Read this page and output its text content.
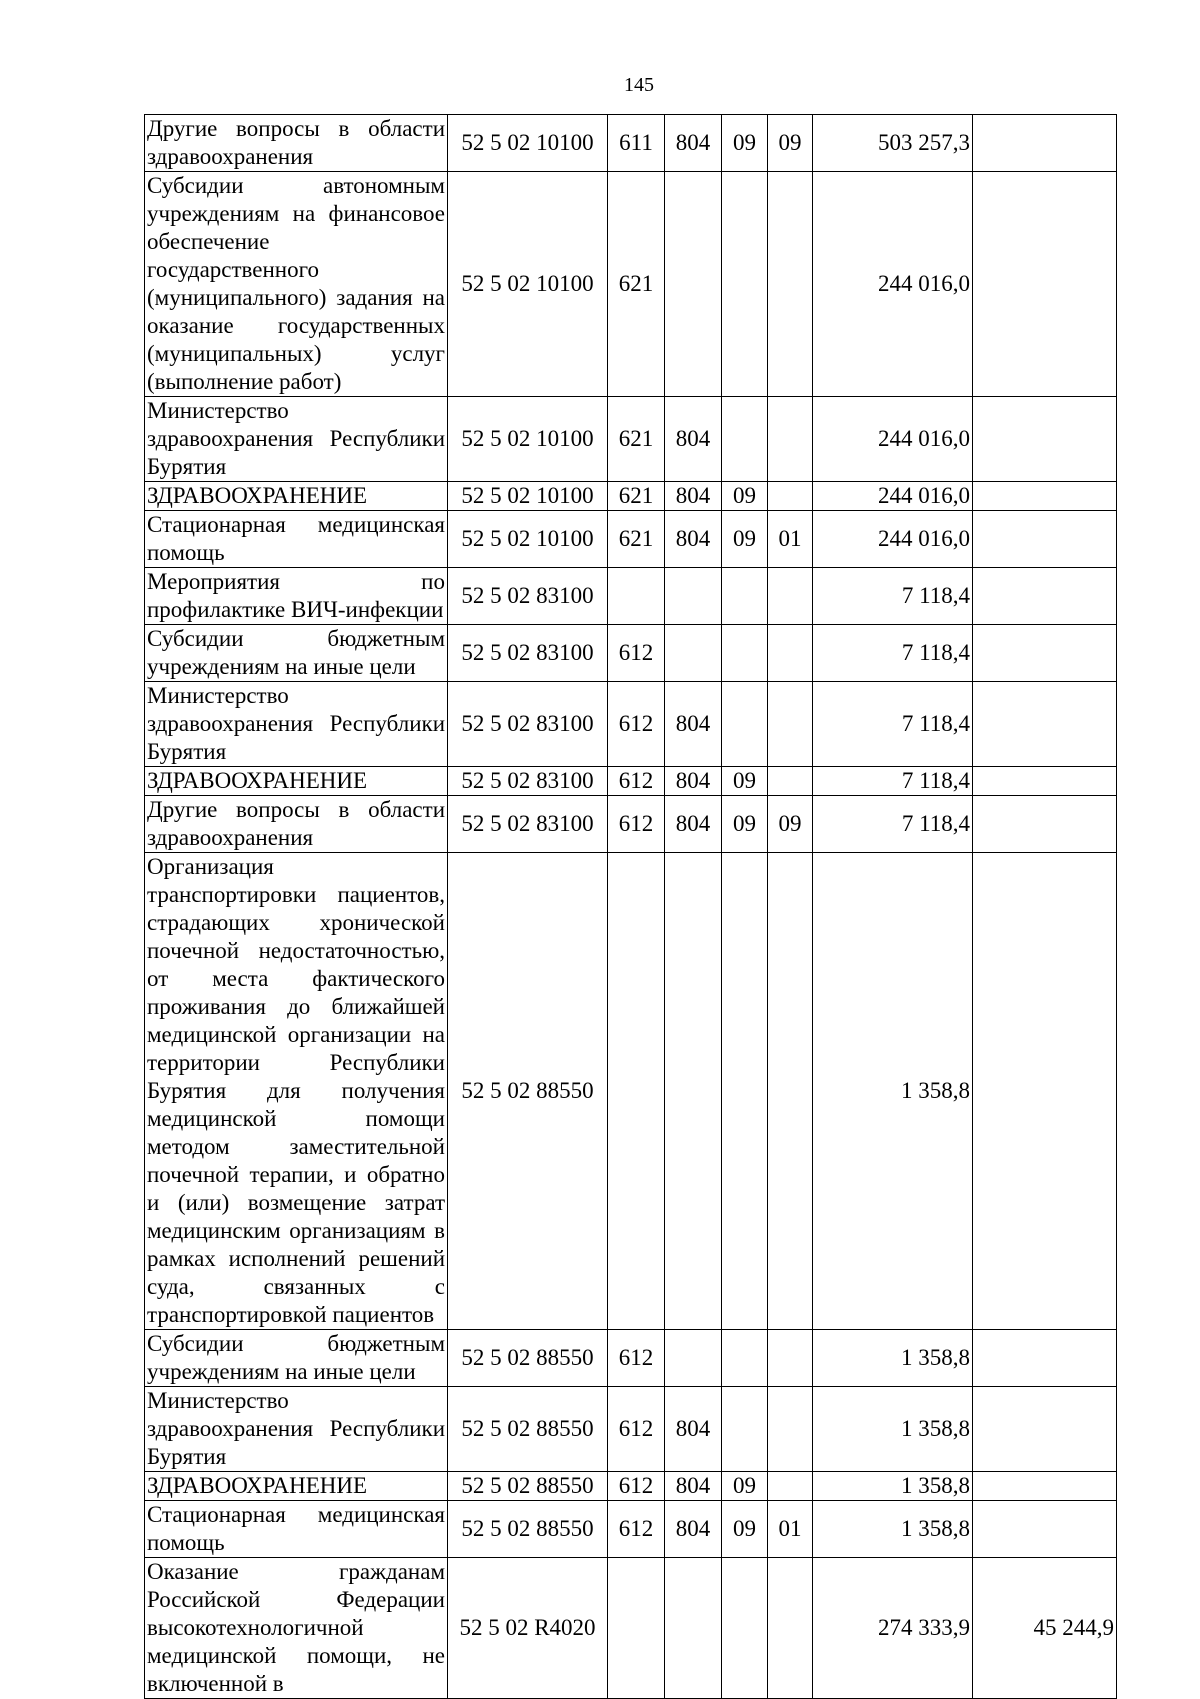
145
Другие вопросы в области здравоохранения	52 5 02 10100	611	804	09	09	503 257,3	
Субсидии автономным учреждениям на финансовое обеспечение государственного (муниципального) задания на оказание государственных (муниципальных) услуг (выполнение работ)	52 5 02 10100	621				244 016,0	
Министерство здравоохранения Республики Бурятия	52 5 02 10100	621	804			244 016,0	
ЗДРАВООХРАНЕНИЕ	52 5 02 10100	621	804	09		244 016,0	
Стационарная медицинская помощь	52 5 02 10100	621	804	09	01	244 016,0	
Мероприятия по профилактике ВИЧ-инфекции	52 5 02 83100					7 118,4	
Субсидии бюджетным учреждениям на иные цели	52 5 02 83100	612				7 118,4	
Министерство здравоохранения Республики Бурятия	52 5 02 83100	612	804			7 118,4	
ЗДРАВООХРАНЕНИЕ	52 5 02 83100	612	804	09		7 118,4	
Другие вопросы в области здравоохранения	52 5 02 83100	612	804	09	09	7 118,4	
Организация транспортировки пациентов, страдающих хронической почечной недостаточностью, от места фактического проживания до ближайшей медицинской организации на территории Республики Бурятия для получения медицинской помощи методом заместительной почечной терапии, и обратно и (или) возмещение затрат медицинским организациям в рамках исполнений решений суда, связанных с транспортировкой пациентов	52 5 02 88550					1 358,8	
Субсидии бюджетным учреждениям на иные цели	52 5 02 88550	612				1 358,8	
Министерство здравоохранения Республики Бурятия	52 5 02 88550	612	804			1 358,8	
ЗДРАВООХРАНЕНИЕ	52 5 02 88550	612	804	09		1 358,8	
Стационарная медицинская помощь	52 5 02 88550	612	804	09	01	1 358,8	
Оказание гражданам Российской Федерации высокотехнологичной медицинской помощи, не включенной в	52 5 02 R4020					274 333,9	45 244,9
